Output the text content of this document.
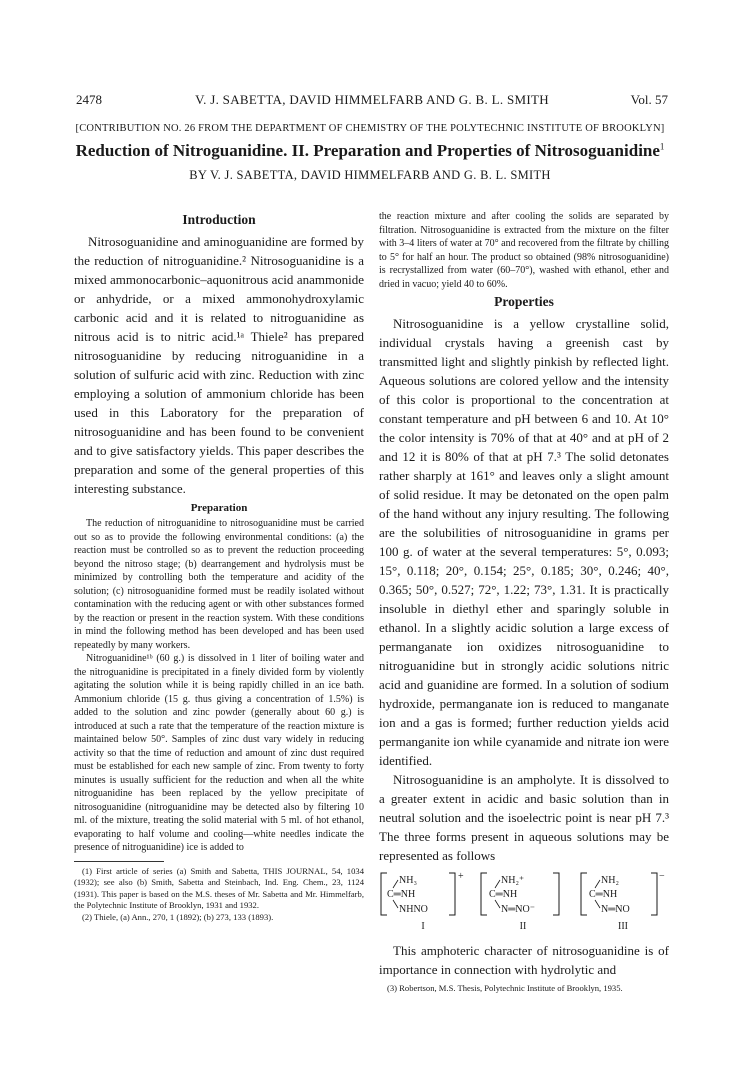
2478	V. J. SABETTA, DAVID HIMMELFARB AND G. B. L. SMITH	Vol. 57
[CONTRIBUTION NO. 26 FROM THE DEPARTMENT OF CHEMISTRY OF THE POLYTECHNIC INSTITUTE OF BROOKLYN]
Reduction of Nitroguanidine. II. Preparation and Properties of Nitrosoguanidine$^1$
BY V. J. SABETTA, DAVID HIMMELFARB AND G. B. L. SMITH
Introduction

Nitrosoguanidine and aminoguanidine are formed by the reduction of nitroguanidine.² Nitrosoguanidine is a mixed ammonocarbonic–aquonitrous acid anammonide or anhydride, or a mixed ammonohydroxylamic carbonic acid and it is related to nitroguanidine as nitrous acid is to nitric acid.¹ᵃ Thiele² has prepared nitrosoguanidine by reducing nitroguanidine in a solution of sulfuric acid with zinc. Reduction with zinc employing a solution of ammonium chloride has been used in this Laboratory for the preparation of nitrosoguanidine and has been found to be convenient and to give satisfactory yields. This paper describes the preparation and some of the general properties of this interesting substance.

Preparation

The reduction of nitroguanidine to nitrosoguanidine must be carried out so as to provide the following environmental conditions: (a) the reaction must be controlled so as to prevent the reduction proceeding beyond the nitroso stage; (b) dearrangement and hydrolysis must be minimized by controlling both the temperature and acidity of the solution; (c) nitrosoguanidine formed must be readily isolated without contamination with the reducing agent or with other substances formed by the reaction or present in the reaction system. With these conditions in mind the following method has been developed and has been used repeatedly by many workers.

Nitroguanidine¹ᵇ (60 g.) is dissolved in 1 liter of boiling water and the nitroguanidine is precipitated in a finely divided form by violently agitating the solution while it is being rapidly chilled in an ice bath. Ammonium chloride (15 g. thus giving a concentration of 1.5%) is added to the solution and zinc powder (generally about 60 g.) is introduced at such a rate that the temperature of the reaction mixture is maintained below 50°. Samples of zinc dust vary widely in reducing activity so that the time of reduction and amount of zinc dust required must be established for each new sample of zinc. From twenty to forty minutes is usually sufficient for the reduction and when all the white nitroguanidine has been replaced by the yellow precipitate of nitrosoguanidine (nitroguanidine may be detected also by filtering 10 ml. of the mixture, treating the solid material with 5 ml. of hot ethanol, evaporating to half volume and cooling—white needles indicate the presence of nitroguanidine) ice is added to

(1) First article of series (a) Smith and Sabetta, THIS JOURNAL, 54, 1034 (1932); see also (b) Smith, Sabetta and Steinbach, Ind. Eng. Chem., 23, 1124 (1931). This paper is based on the M.S. theses of Mr. Sabetta and Mr. Himmelfarb, the Polytechnic Institute of Brooklyn, 1931 and 1932.

(2) Thiele, (a) Ann., 270, 1 (1892); (b) 273, 133 (1893).

the reaction mixture and after cooling the solids are separated by filtration. Nitrosoguanidine is extracted from the mixture on the filter with 3–4 liters of water at 70° and recovered from the filtrate by chilling to 5° for half an hour. The product so obtained (98% nitrosoguanidine) is recrystallized from water (60–70°), washed with ethanol, ether and dried in vacuo; yield 40 to 60%.

Properties

Nitrosoguanidine is a yellow crystalline solid, individual crystals having a greenish cast by transmitted light and slightly pinkish by reflected light. Aqueous solutions are colored yellow and the intensity of this color is proportional to the concentration at constant temperature and pH between 6 and 10. At 10° the color intensity is 70% of that at 40° and at pH of 2 and 12 it is 80% of that at pH 7.³ The solid detonates rather sharply at 161° and leaves only a slight amount of solid residue. It may be detonated on the open palm of the hand without any injury resulting. The following are the solubilities of nitrosoguanidine in grams per 100 g. of water at the several temperatures: 5°, 0.093; 15°, 0.118; 20°, 0.154; 25°, 0.185; 30°, 0.246; 40°, 0.365; 50°, 0.527; 72°, 1.22; 73°, 1.31. It is practically insoluble in diethyl ether and sparingly soluble in ethanol. In a slightly acidic solution a large excess of permanganate ion oxidizes nitrosoguanidine to nitroguanidine but in strongly acidic solutions nitric acid and guanidine are formed. In a solution of sodium hydroxide, permanganate ion is reduced to manganate ion and a gas is formed; further reduction yields acid permanganite ion while cyanamide and nitrate ion were identified.

Nitrosoguanidine is an ampholyte. It is dissolved to a greater extent in acidic and basic solution than in neutral solution and the isoelectric point is near pH 7.³ The three forms present in aqueous solutions may be represented as follows

NH₃
C═NH
NHNO
+
I
NH₂⁺
C═NH
N═NO⁻
II
NH₂
C═NH
N═NO
−
III

This amphoteric character of nitrosoguanidine is of importance in connection with hydrolytic and

(3) Robertson, M.S. Thesis, Polytechnic Institute of Brooklyn, 1935.
